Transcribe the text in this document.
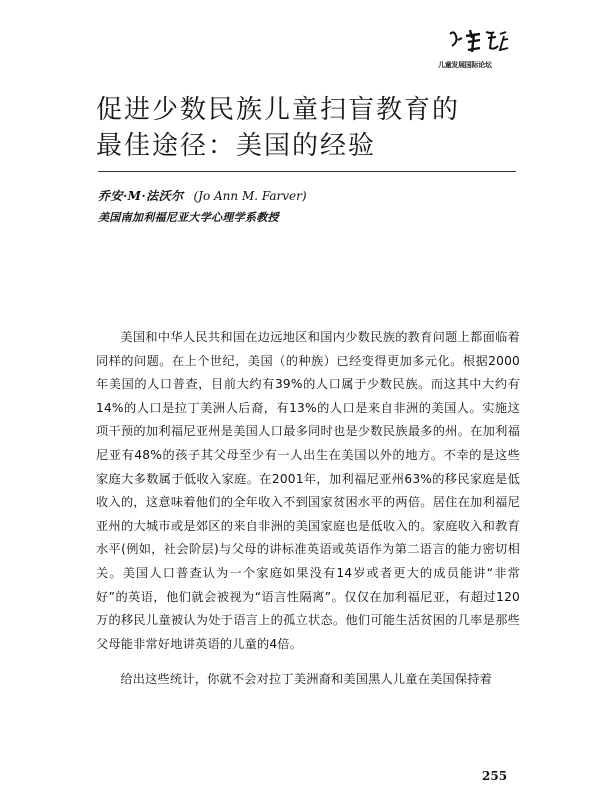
儿童发展国际论坛
促进少数民族儿童扫盲教育的
最佳途径：美国的经验
乔安·M·法沃尔 (Jo Ann M. Farver)
美国南加利福尼亚大学心理学系教授

美国和中华人民共和国在边远地区和国内少数民族的教育问题上都面临着同样的问题。在上个世纪，美国（的种族）已经变得更加多元化。根据2000年美国的人口普查，目前大约有39%的人口属于少数民族。而这其中大约有14%的人口是拉丁美洲人后裔，有13%的人口是来自非洲的美国人。实施这项干预的加利福尼亚州是美国人口最多同时也是少数民族最多的州。在加利福尼亚有48%的孩子其父母至少有一人出生在美国以外的地方。不幸的是这些家庭大多数属于低收入家庭。在2001年，加利福尼亚州63%的移民家庭是低收入的，这意味着他们的全年收入不到国家贫困水平的两倍。居住在加利福尼亚州的大城市或是郊区的来自非洲的美国家庭也是低收入的。家庭收入和教育水平(例如，社会阶层)与父母的讲标准英语或英语作为第二语言的能力密切相关。美国人口普查认为一个家庭如果没有14岁或者更大的成员能讲“非常好”的英语，他们就会被视为“语言性隔离”。仅仅在加利福尼亚，有超过120万的移民儿童被认为处于语言上的孤立状态。他们可能生活贫困的几率是那些父母能非常好地讲英语的儿童的4倍。

给出这些统计，你就不会对拉丁美洲裔和美国黑人儿童在美国保持着

255
